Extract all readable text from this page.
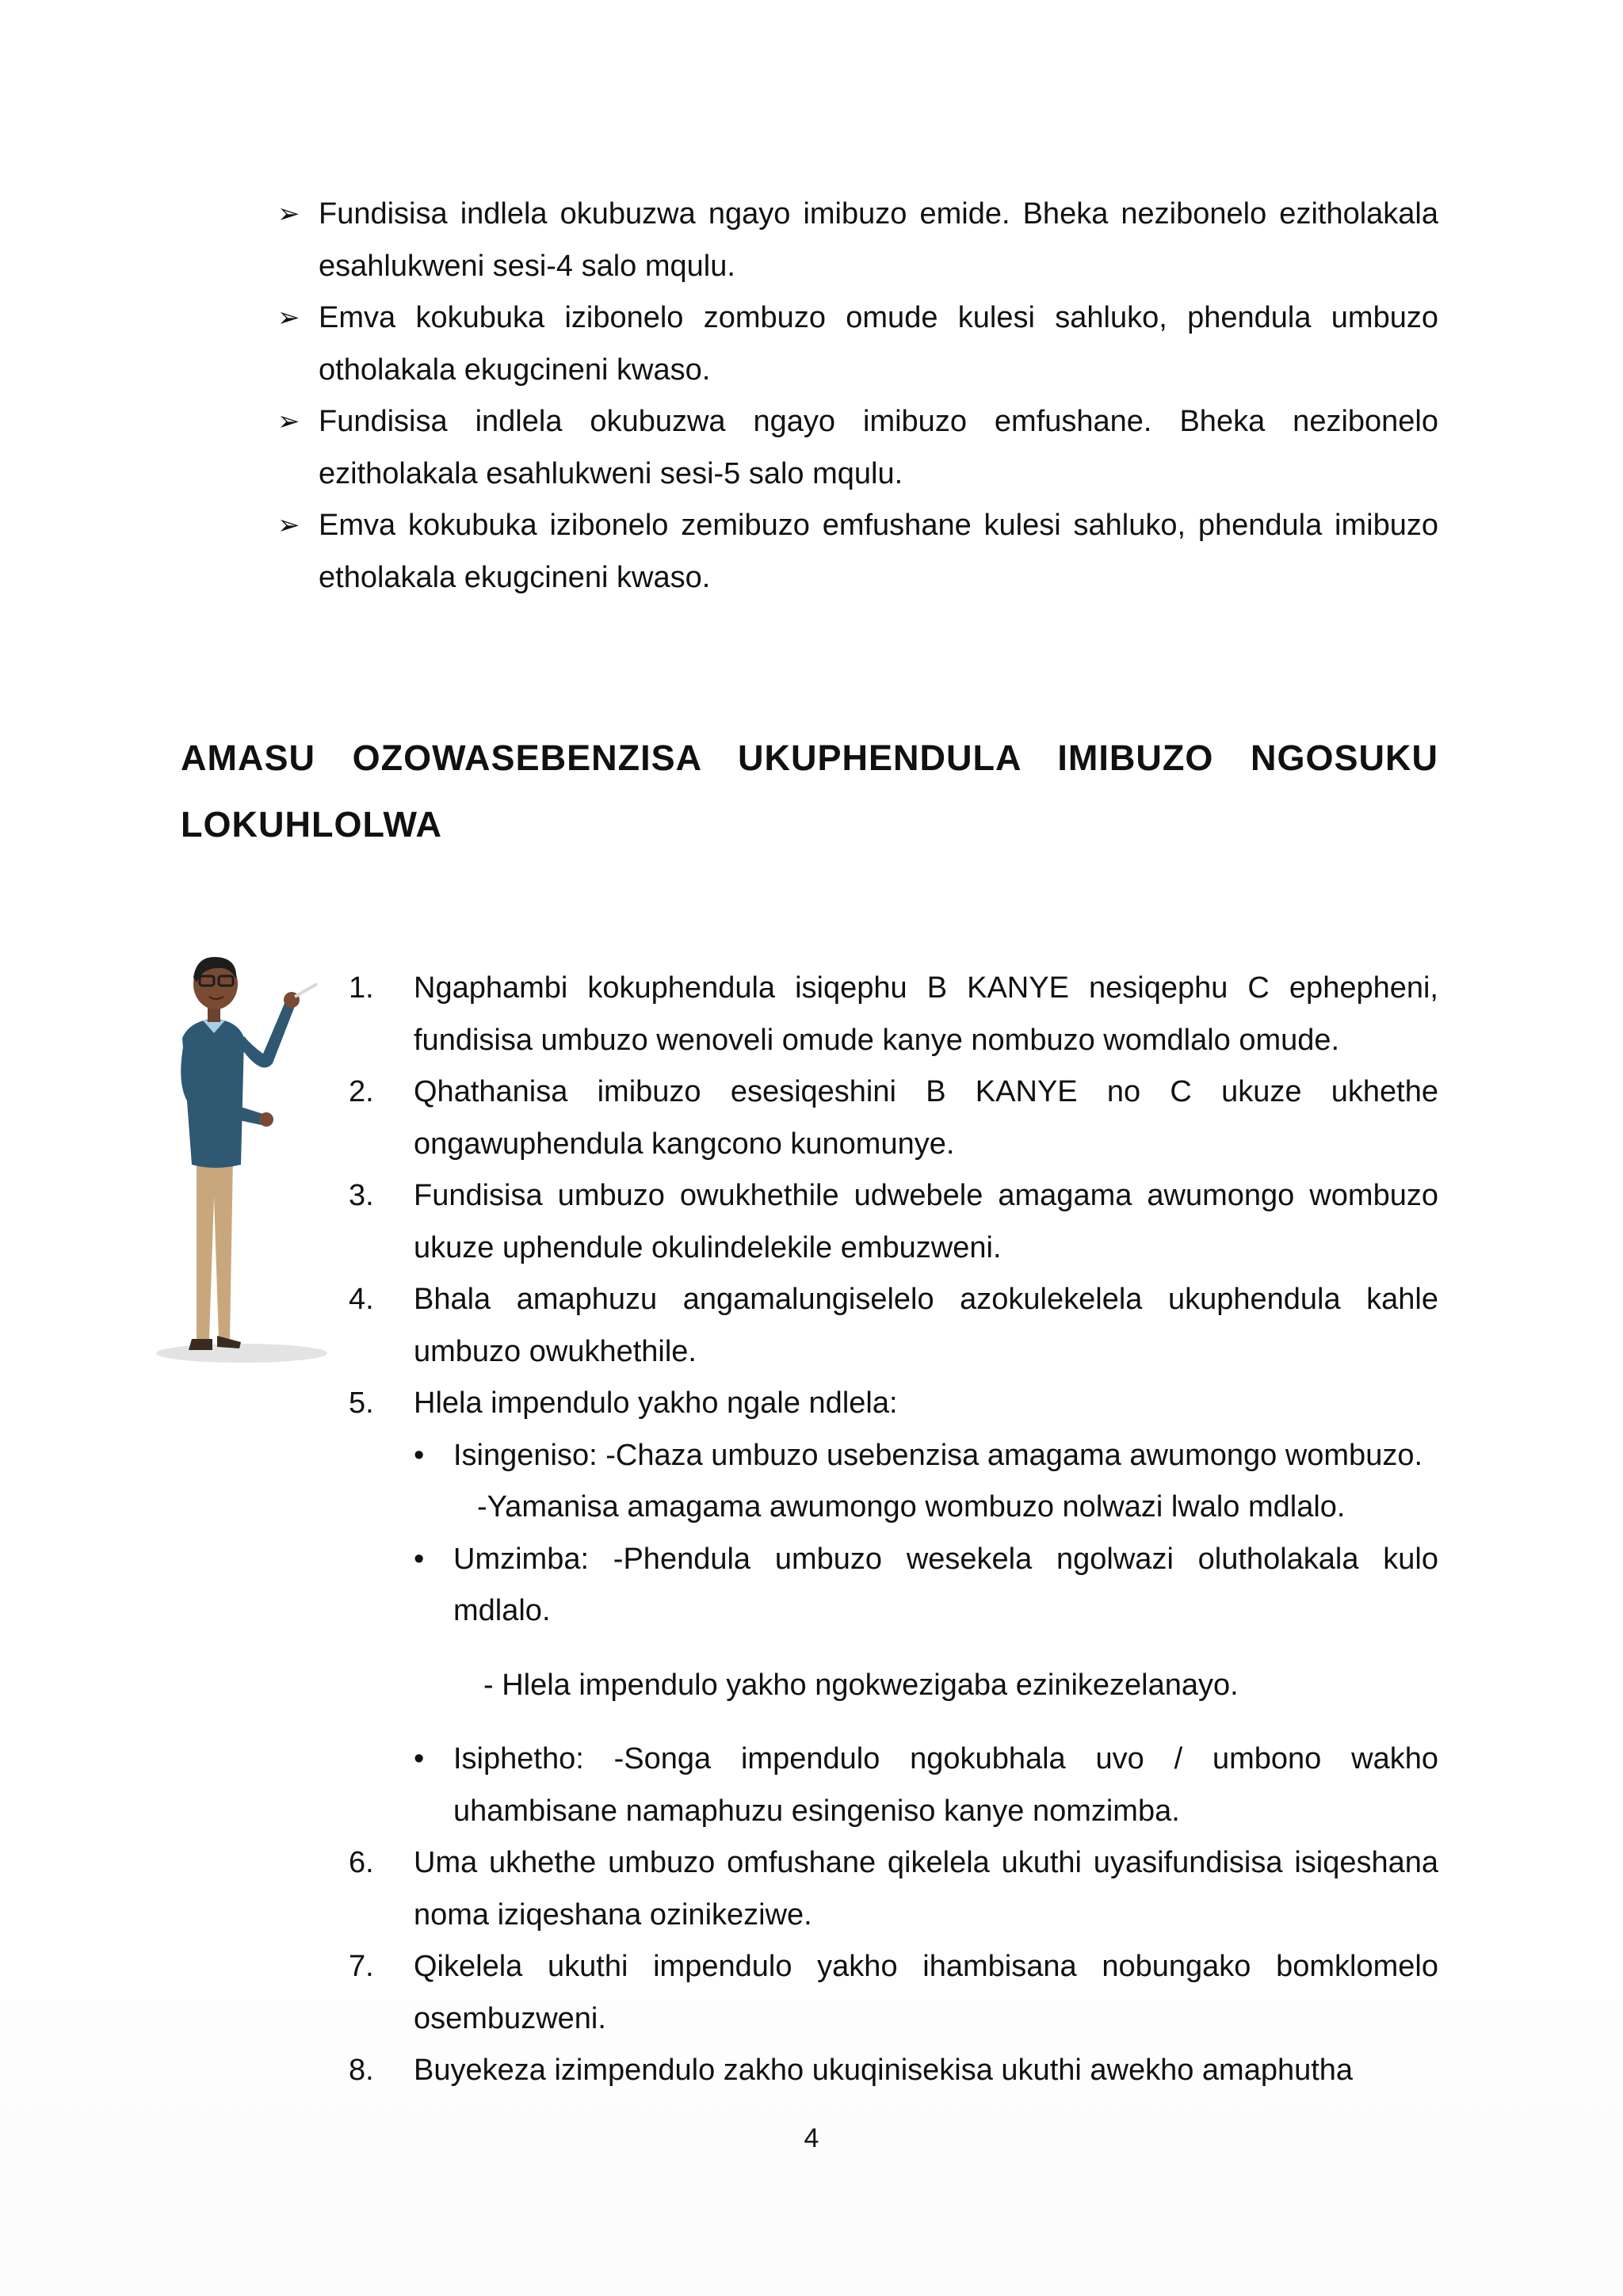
➢ Fundisisa indlela okubuzwa ngayo imibuzo emide. Bheka nezibonelo ezitholakala esahlukweni sesi-4 salo mqulu.
➢ Emva kokubuka izibonelo zombuzo omude kulesi sahluko, phendula umbuzo otholakala ekugcineni kwaso.
➢ Fundisisa indlela okubuzwa ngayo imibuzo emfushane. Bheka nezibonelo ezitholakala esahlukweni sesi-5 salo mqulu.
➢ Emva kokubuka izibonelo zemibuzo emfushane kulesi sahluko, phendula imibuzo etholakala ekugcineni kwaso.
AMASU OZOWASEBENZISA UKUPHENDULA IMIBUZO NGOSUKU LOKUHLOLWA
1.	Ngaphambi kokuphendula isiqephu B KANYE nesiqephu C ephepheni, fundisisa umbuzo wenoveli omude kanye nombuzo womdlalo omude.
2.	Qhathanisa imibuzo esesiqeshini B KANYE no C ukuze ukhethe ongawuphendula kangcono kunomunye.
3.	Fundisisa umbuzo owukhethile udwebele amagama awumongo wombuzo ukuze uphendule okulindelekile embuzweni.
4.	Bhala amaphuzu angamalungiselelo azokulekelela ukuphendula kahle umbuzo owukhethile.
5.	Hlela impendulo yakho ngale ndlela:
• Isingeniso: -Chaza umbuzo usebenzisa amagama awumongo wombuzo.
-Yamanisa amagama awumongo wombuzo nolwazi lwalo mdlalo.
• Umzimba: -Phendula umbuzo wesekela ngolwazi olutholakala kulo mdlalo.
- Hlela impendulo yakho ngokwezigaba ezinikezelanayo.
• Isiphetho: -Songa impendulo ngokubhala uvo / umbono wakho uhambisane namaphuzu esingeniso kanye nomzimba.
6.	Uma ukhethe umbuzo omfushane qikelela ukuthi uyasifundisisa isiqeshana noma iziqeshana ozinikeziwe.
7.	Qikelela ukuthi impendulo yakho ihambisana nobungako bomklomelo osembuzweni.
8.	Buyekeza izimpendulo zakho ukuqinisekisa ukuthi awekho amaphutha
4
